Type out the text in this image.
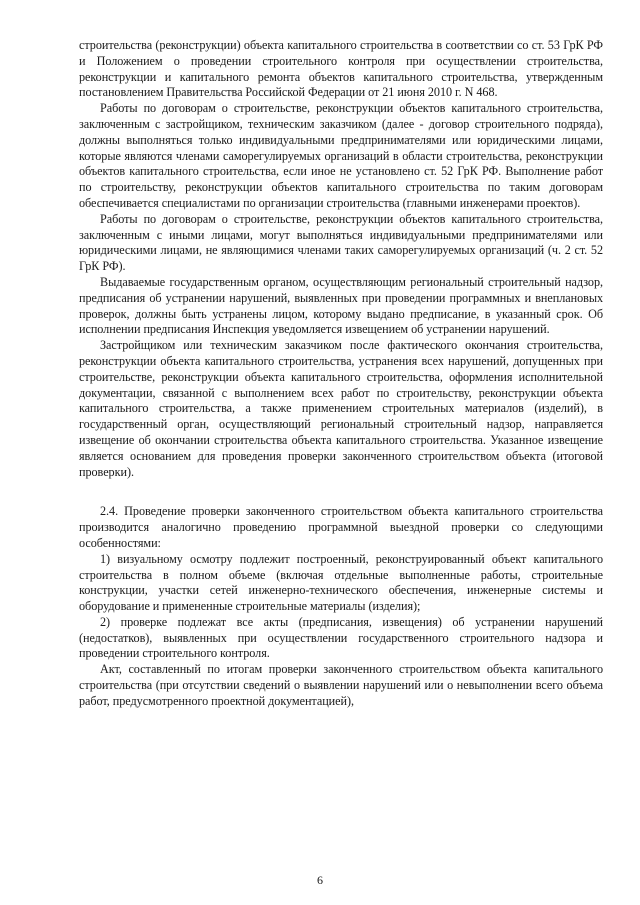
строительства (реконструкции) объекта капитального строительства в соответствии со ст. 53 ГрК РФ и Положением о проведении строительного контроля при осуществлении строительства, реконструкции и капитального ремонта объектов капитального строительства, утвержденным постановлением Правительства Российской Федерации от 21 июня 2010 г. N 468.

Работы по договорам о строительстве, реконструкции объектов капитального строительства, заключенным с застройщиком, техническим заказчиком (далее - договор строительного подряда), должны выполняться только индивидуальными предпринимателями или юридическими лицами, которые являются членами саморегулируемых организаций в области строительства, реконструкции объектов капитального строительства, если иное не установлено ст. 52 ГрК РФ. Выполнение работ по строительству, реконструкции объектов капитального строительства по таким договорам обеспечивается специалистами по организации строительства (главными инженерами проектов).

Работы по договорам о строительстве, реконструкции объектов капитального строительства, заключенным с иными лицами, могут выполняться индивидуальными предпринимателями или юридическими лицами, не являющимися членами таких саморегулируемых организаций (ч. 2 ст. 52 ГрК РФ).

Выдаваемые государственным органом, осуществляющим региональный строительный надзор, предписания об устранении нарушений, выявленных при проведении программных и внеплановых проверок, должны быть устранены лицом, которому выдано предписание, в указанный срок. Об исполнении предписания Инспекция уведомляется извещением об устранении нарушений.

Застройщиком или техническим заказчиком после фактического окончания строительства, реконструкции объекта капитального строительства, устранения всех нарушений, допущенных при строительстве, реконструкции объекта капитального строительства, оформления исполнительной документации, связанной с выполнением всех работ по строительству, реконструкции объекта капитального строительства, а также применением строительных материалов (изделий), в государственный орган, осуществляющий региональный строительный надзор, направляется извещение об окончании строительства объекта капитального строительства. Указанное извещение является основанием для проведения проверки законченного строительством объекта (итоговой проверки).

2.4. Проведение проверки законченного строительством объекта капитального строительства производится аналогично проведению программной выездной проверки со следующими особенностями:

1) визуальному осмотру подлежит построенный, реконструированный объект капитального строительства в полном объеме (включая отдельные выполненные работы, строительные конструкции, участки сетей инженерно-технического обеспечения, инженерные системы и оборудование и примененные строительные материалы (изделия);

2) проверке подлежат все акты (предписания, извещения) об устранении нарушений (недостатков), выявленных при осуществлении государственного строительного надзора и проведении строительного контроля.

Акт, составленный по итогам проверки законченного строительством объекта капитального строительства (при отсутствии сведений о выявлении нарушений или о невыполнении всего объема работ, предусмотренного проектной документацией),

6
